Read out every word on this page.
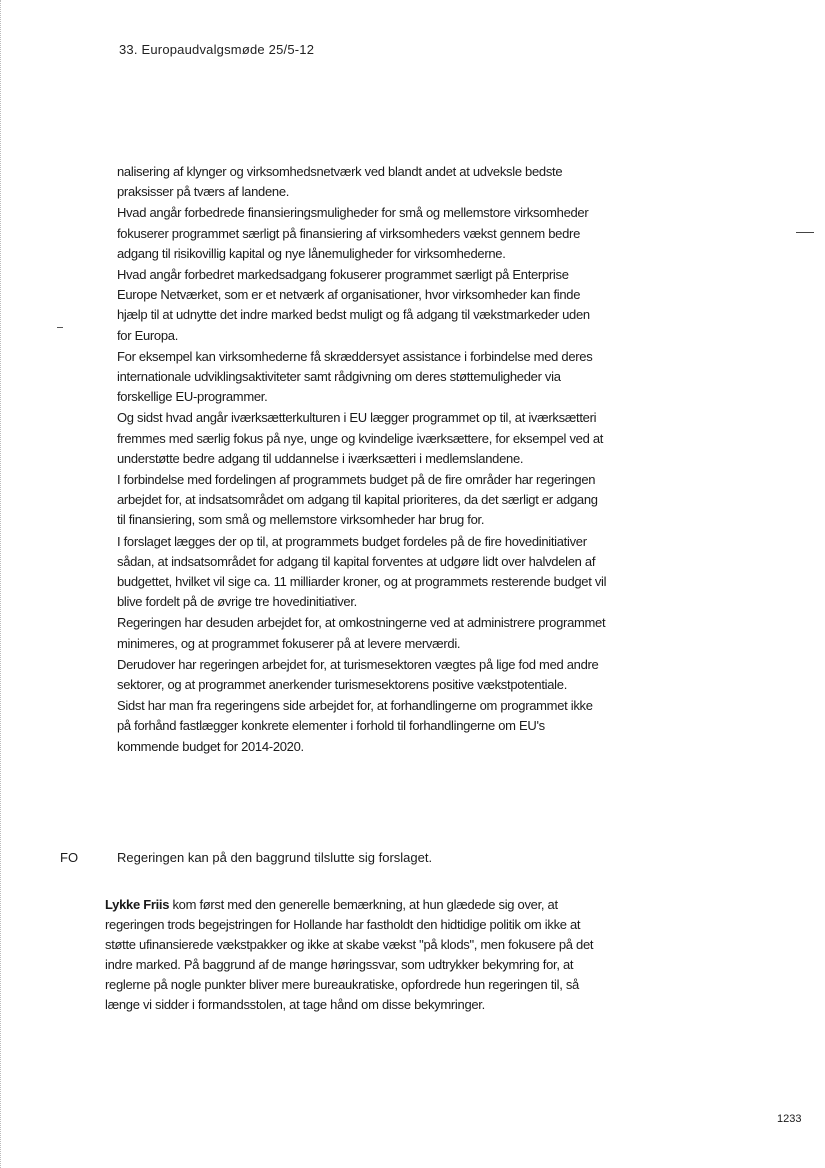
33. Europaudvalgsmøde 25/5-12

nalisering af klynger og virksomhedsnetværk ved blandt andet at udveksle bedste praksisser på tværs af landene.

Hvad angår forbedrede finansieringsmuligheder for små og mellemstore virksomheder fokuserer programmet særligt på finansiering af virksomheders vækst gennem bedre adgang til risikovillig kapital og nye lånemuligheder for virksomhederne.

Hvad angår forbedret markedsadgang fokuserer programmet særligt på Enterprise Europe Netværket, som er et netværk af organisationer, hvor virksomheder kan finde hjælp til at udnytte det indre marked bedst muligt og få adgang til vækstmarkeder uden for Europa.

For eksempel kan virksomhederne få skræddersyet assistance i forbindelse med deres internationale udviklingsaktiviteter samt rådgivning om deres støttemuligheder via forskellige EU-programmer.

Og sidst hvad angår iværksætterkulturen i EU lægger programmet op til, at iværksætteri fremmes med særlig fokus på nye, unge og kvindelige iværksættere, for eksempel ved at understøtte bedre adgang til uddannelse i iværksætteri i medlemslandene.

I forbindelse med fordelingen af programmets budget på de fire områder har regeringen arbejdet for, at indsatsområdet om adgang til kapital prioriteres, da det særligt er adgang til finansiering, som små og mellemstore virksomheder har brug for.

I forslaget lægges der op til, at programmets budget fordeles på de fire hovedinitiativer sådan, at indsatsområdet for adgang til kapital forventes at udgøre lidt over halvdelen af budgettet, hvilket vil sige ca. 11 milliarder kroner, og at programmets resterende budget vil blive fordelt på de øvrige tre hovedinitiativer.

Regeringen har desuden arbejdet for, at omkostningerne ved at administrere programmet minimeres, og at programmet fokuserer på at levere merværdi.

Derudover har regeringen arbejdet for, at turismesektoren vægtes på lige fod med andre sektorer, og at programmet anerkender turismesektorens positive vækstpotentiale.

Sidst har man fra regeringens side arbejdet for, at forhandlingerne om programmet ikke på forhånd fastlægger konkrete elementer i forhold til forhandlingerne om EU's kommende budget for 2014-2020.

FO	Regeringen kan på den baggrund tilslutte sig forslaget.

Lykke Friis kom først med den generelle bemærkning, at hun glædede sig over, at regeringen trods begejstringen for Hollande har fastholdt den hidtidige politik om ikke at støtte ufinansierede vækstpakker og ikke at skabe vækst "på klods", men fokusere på det indre marked. På baggrund af de mange høringssvar, som udtrykker bekymring for, at reglerne på nogle punkter bliver mere bureaukratiske, opfordrede hun regeringen til, så længe vi sidder i formandsstolen, at tage hånd om disse bekymringer.

1233
